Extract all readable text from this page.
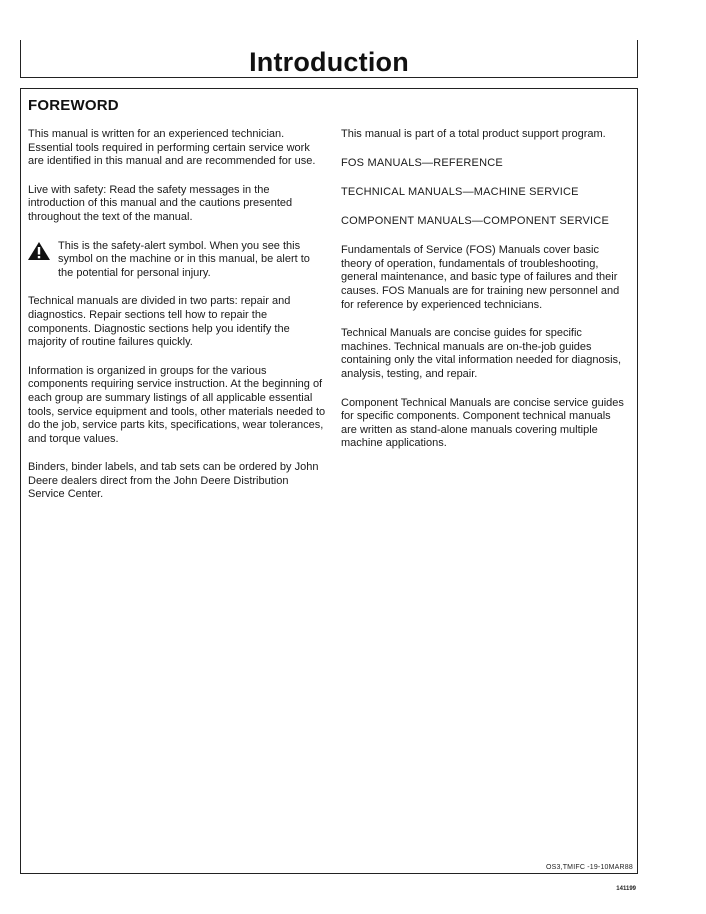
Introduction
FOREWORD

This manual is written for an experienced technician. Essential tools required in performing certain service work are identified in this manual and are recommended for use.

Live with safety: Read the safety messages in the introduction of this manual and the cautions presented throughout the text of the manual.

This is the safety-alert symbol. When you see this symbol on the machine or in this manual, be alert to the potential for personal injury.

Technical manuals are divided in two parts: repair and diagnostics. Repair sections tell how to repair the components. Diagnostic sections help you identify the majority of routine failures quickly.

Information is organized in groups for the various components requiring service instruction. At the beginning of each group are summary listings of all applicable essential tools, service equipment and tools, other materials needed to do the job, service parts kits, specifications, wear tolerances, and torque values.

Binders, binder labels, and tab sets can be ordered by John Deere dealers direct from the John Deere Distribution Service Center.

This manual is part of a total product support program.

FOS MANUALS—REFERENCE
TECHNICAL MANUALS—MACHINE SERVICE
COMPONENT MANUALS—COMPONENT SERVICE

Fundamentals of Service (FOS) Manuals cover basic theory of operation, fundamentals of troubleshooting, general maintenance, and basic type of failures and their causes. FOS Manuals are for training new personnel and for reference by experienced technicians.

Technical Manuals are concise guides for specific machines. Technical manuals are on-the-job guides containing only the vital information needed for diagnosis, analysis, testing, and repair.

Component Technical Manuals are concise service guides for specific components. Component technical manuals are written as stand-alone manuals covering multiple machine applications.

OS3,TMIFC -19-10MAR88
141199
